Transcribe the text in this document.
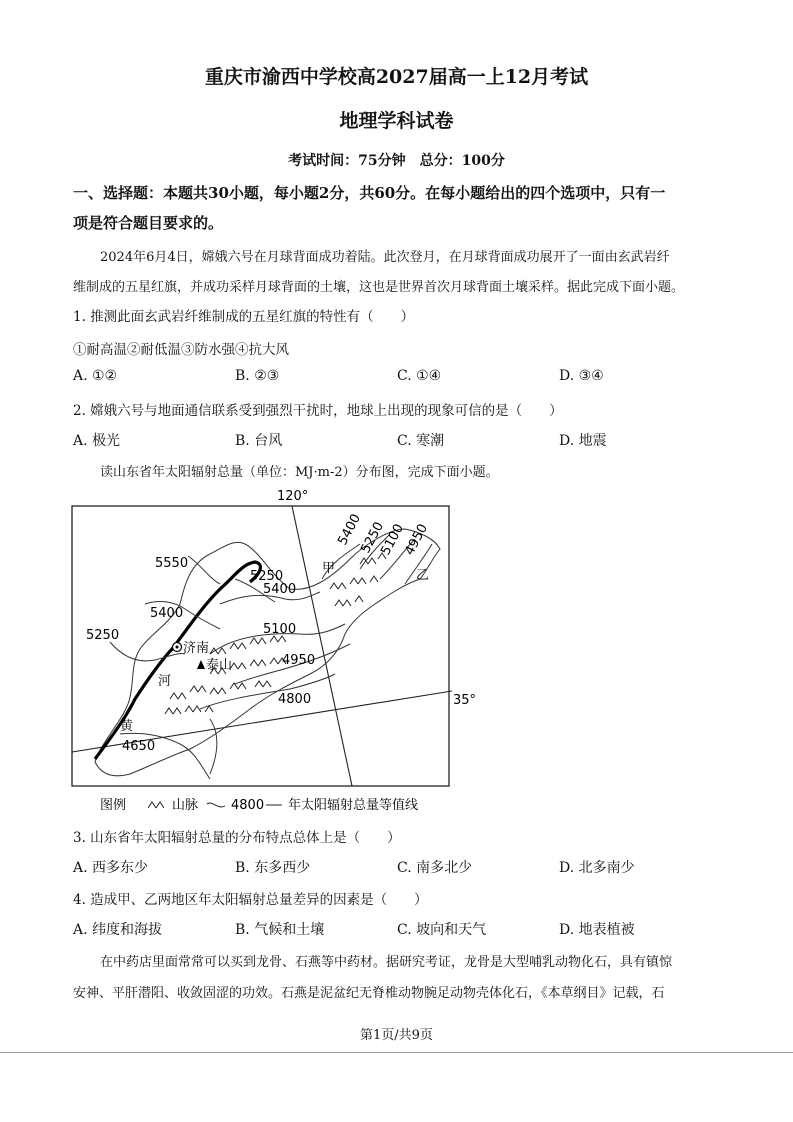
重庆市渝西中学校高2027届高一上12月考试
地理学科试卷
考试时间：75分钟　总分：100分
一、选择题：本题共30小题，每小题2分，共60分。在每小题给出的四个选项中，只有一
项是符合题目要求的。
2024年6月4日，嫦娥六号在月球背面成功着陆。此次登月，在月球背面成功展开了一面由玄武岩纤
维制成的五星红旗，并成功采样月球背面的土壤，这也是世界首次月球背面土壤采样。据此完成下面小题。
1. 推测此面玄武岩纤维制成的五星红旗的特性有（　　）
①耐高温②耐低温③防水强④抗大风
A. ①②	B. ②③	C. ①④	D. ③④
2. 嫦娥六号与地面通信联系受到强烈干扰时，地球上出现的现象可信的是（　　）
A. 极光	B. 台风	C. 寒潮	D. 地震
读山东省年太阳辐射总量（单位：MJ·m-2）分布图，完成下面小题。
120°
35°
5550
5250
5400
5400
5250	5100
4950
4800
4650
5400
5250
5100
4950
济南
泰山
河
黄
甲	乙
图例	山脉	4800 年太阳辐射总量等值线
3. 山东省年太阳辐射总量的分布特点总体上是（　　）
A. 西多东少	B. 东多西少	C. 南多北少	D. 北多南少
4. 造成甲、乙两地区年太阳辐射总量差异的因素是（　　）
A. 纬度和海拔	B. 气候和土壤	C. 坡向和天气	D. 地表植被
在中药店里面常常可以买到龙骨、石燕等中药材。据研究考证，龙骨是大型哺乳动物化石，具有镇惊
安神、平肝潜阳、收敛固涩的功效。石燕是泥盆纪无脊椎动物腕足动物壳体化石，《本草纲目》记载，石
第1页/共9页
